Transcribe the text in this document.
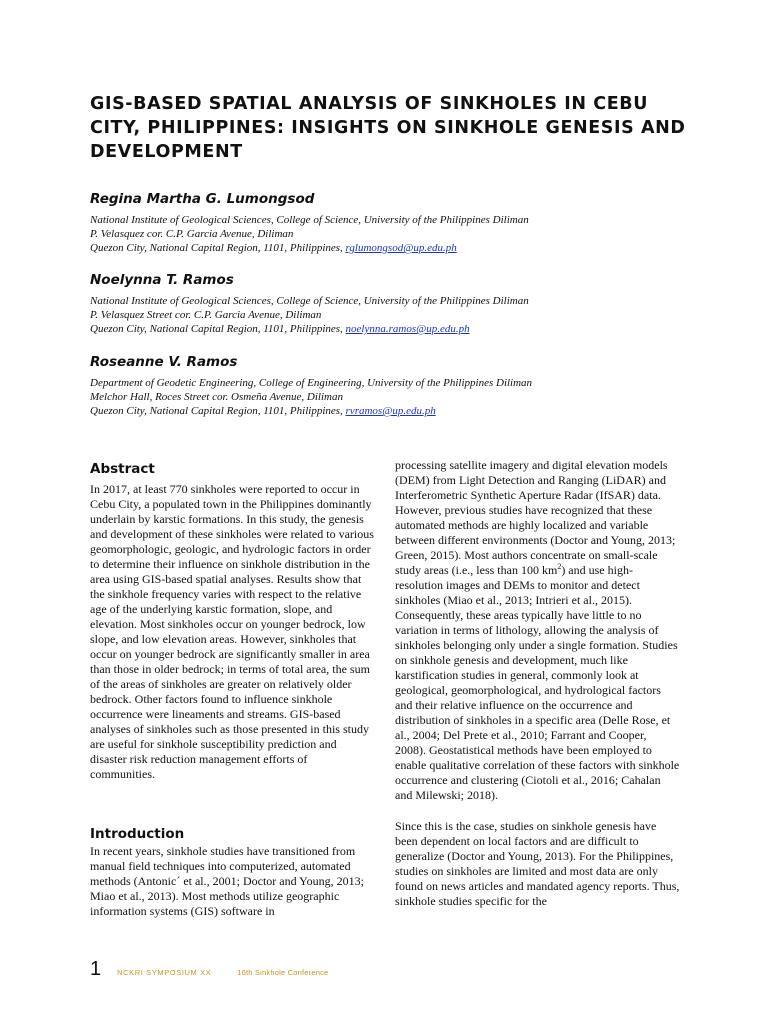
GIS-BASED SPATIAL ANALYSIS OF SINKHOLES IN CEBU CITY, PHILIPPINES: INSIGHTS ON SINKHOLE GENESIS AND DEVELOPMENT

Regina Martha G. Lumongsod

National Institute of Geological Sciences, College of Science, University of the Philippines Diliman

P. Velasquez cor. C.P. Garcia Avenue, Diliman

Quezon City, National Capital Region, 1101, Philippines, rglumongsod@up.edu.ph

Noelynna T. Ramos

National Institute of Geological Sciences, College of Science, University of the Philippines Diliman

P. Velasquez Street cor. C.P. Garcia Avenue, Diliman

Quezon City, National Capital Region, 1101, Philippines, noelynna.ramos@up.edu.ph

Roseanne V. Ramos

Department of Geodetic Engineering, College of Engineering, University of the Philippines Diliman

Melchor Hall, Roces Street cor. Osmeña Avenue, Diliman

Quezon City, National Capital Region, 1101, Philippines, rvramos@up.edu.ph

Abstract

In 2017, at least 770 sinkholes were reported to occur in Cebu City, a populated town in the Philippines dominantly underlain by karstic formations. In this study, the genesis and development of these sinkholes were related to various geomorphologic, geologic, and hydrologic factors in order to determine their influence on sinkhole distribution in the area using GIS-based spatial analyses. Results show that the sinkhole frequency varies with respect to the relative age of the underlying karstic formation, slope, and elevation. Most sinkholes occur on younger bedrock, low slope, and low elevation areas. However, sinkholes that occur on younger bedrock are significantly smaller in area than those in older bedrock; in terms of total area, the sum of the areas of sinkholes are greater on relatively older bedrock. Other factors found to influence sinkhole occurrence were lineaments and streams. GIS-based analyses of sinkholes such as those presented in this study are useful for sinkhole susceptibility prediction and disaster risk reduction management efforts of communities.

Introduction

In recent years, sinkhole studies have transitioned from manual field techniques into computerized, automated methods (Antonic´ et al., 2001; Doctor and Young, 2013; Miao et al., 2013). Most methods utilize geographic information systems (GIS) software in

processing satellite imagery and digital elevation models (DEM) from Light Detection and Ranging (LiDAR) and Interferometric Synthetic Aperture Radar (IfSAR) data. However, previous studies have recognized that these automated methods are highly localized and variable between different environments (Doctor and Young, 2013; Green, 2015). Most authors concentrate on small-scale study areas (i.e., less than 100 $km^2$) and use high-resolution images and DEMs to monitor and detect sinkholes (Miao et al., 2013; Intrieri et al., 2015). Consequently, these areas typically have little to no variation in terms of lithology, allowing the analysis of sinkholes belonging only under a single formation. Studies on sinkhole genesis and development, much like karstification studies in general, commonly look at geological, geomorphological, and hydrological factors and their relative influence on the occurrence and distribution of sinkholes in a specific area (Delle Rose, et al., 2004; Del Prete et al., 2010; Farrant and Cooper, 2008). Geostatistical methods have been employed to enable qualitative correlation of these factors with sinkhole occurrence and clustering (Ciotoli et al., 2016; Cahalan and Milewski; 2018).

Since this is the case, studies on sinkhole genesis have been dependent on local factors and are difficult to generalize (Doctor and Young, 2013). For the Philippines, studies on sinkholes are limited and most data are only found on news articles and mandated agency reports. Thus, sinkhole studies specific for the

1 NCKRI SYMPOSIUM XX	16th Sinkhole Conference
